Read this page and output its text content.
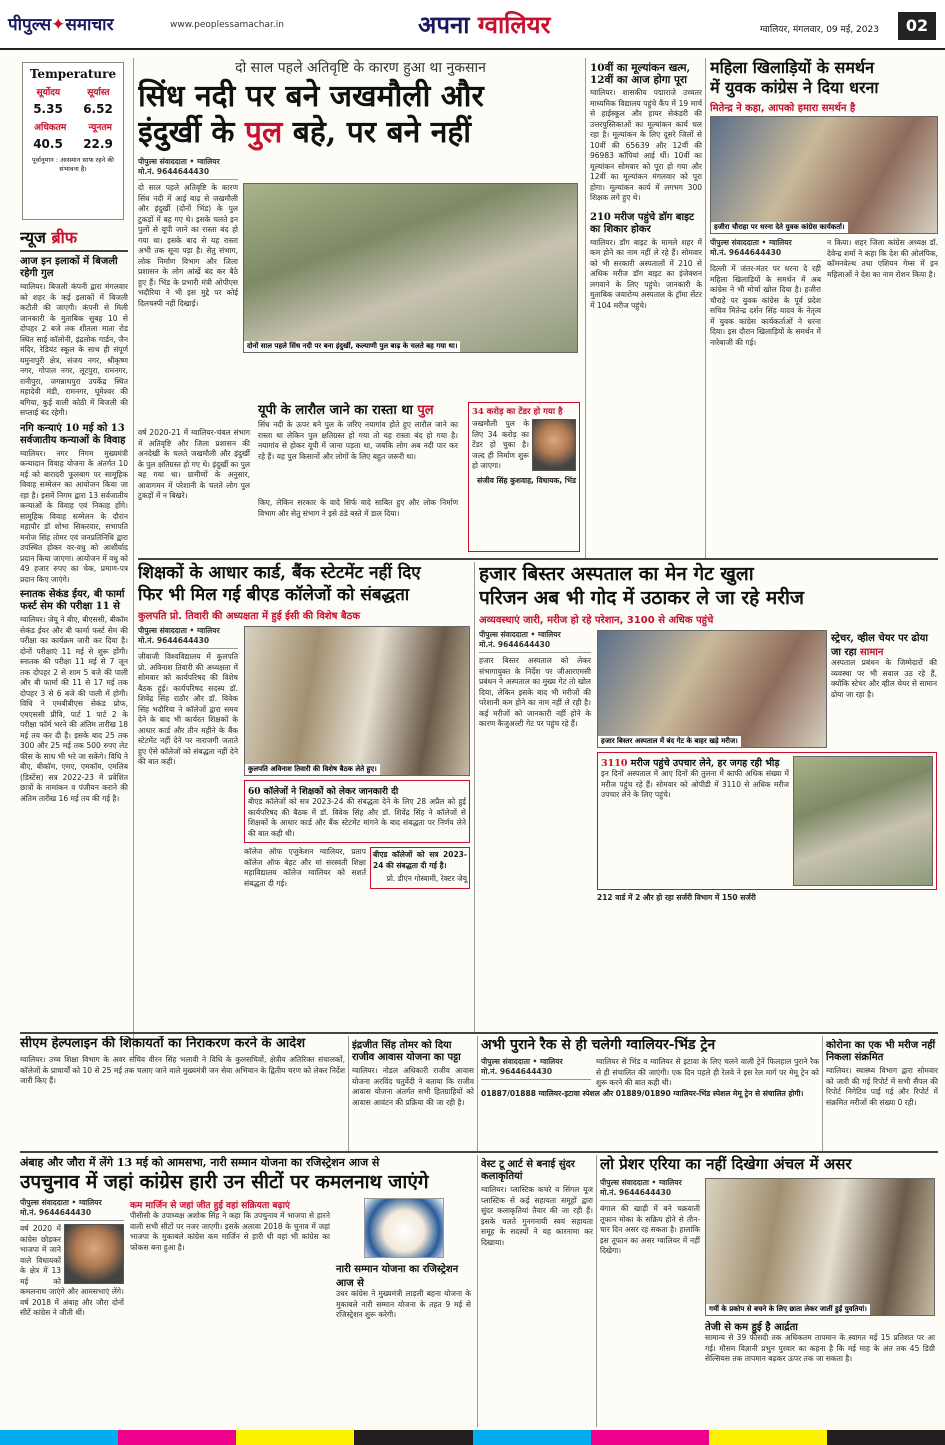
पीपुल्स✦समाचार	www.peoplessamachar.in	अपना ग्वालियर	ग्वालियर, मंगलवार, 09 मई, 2023	02
Temperature
सूर्योदय	सूर्यास्त
5.35 6.52
अधिकतम न्यूनतम
40.5 22.9
पूर्वानुमान : आसमान साफ रहने की संभावना है।
न्यूज ब्रीफ
आज इन इलाकों में बिजली रहेगी गुल
ग्वालियर। बिजली कंपनी द्वारा मंगलवार को शहर के कई इलाकों में बिजली कटौती की जाएगी। कंपनी से मिली जानकारी के मुताबिक सुबह 10 से दोपहर 2 बजे तक शीतला माता रोड स्थित साई कॉलोनी, इंद्रलोक गार्डन, जैन मंदिर, रेडियंट स्कूल के साथ ही संपूर्ण यमुनापुरी क्षेत्र, संजय नगर, श्रीकृष्ण नगर, गोपाल नगर, लूटपुरा, रामनगर, रानीपुरा, जगन्नाथपुरा उपकेंद्र स्थित महादेवी मंडी, रामनगर, घूमेश्वर की बगिया, कुई वाली कोठी में बिजली की सप्लाई बंद रहेगी।
नगि कन्याएं 10 मई को 13 सर्वजातीय कन्याओं के विवाह
ग्वालियर। नगर निगम मुख्यमंत्री कन्यादान विवाह योजना के अंतर्गत 10 मई को बारादरी फूलबाग पर सामूहिक विवाह सम्मेलन का आयोजन किया जा रहा है। इसमें निगम द्वारा 13 सर्वजातीय कन्याओं के विवाह एवं निकाह होंगे। सामूहिक विवाह सम्मेलन के दौरान महापौर डॉ शोभा सिकरवार, सभापति मनोज सिंह तोमर एवं जनप्रतिनिधि द्वारा उपस्थित होकर वर-वधु को आशीर्वाद प्रदान किया जाएगा। आयोजन में वधु को 49 हजार रुपए का चेक, प्रमाण-पत्र प्रदान किए जाएंगे।
स्नातक सेकंड ईयर, बी फार्मा फर्स्ट सेम की परीक्षा 11 से
ग्वालियर। जेयू ने बीए, बीएससी, बीकॉम सेकंड ईयर और बी फार्मा फर्स्ट सेम की परीक्षा का कार्यक्रम जारी कर दिया है। दोनों परीक्षाएं 11 मई से शुरू होंगी। स्नातक की परीक्षा 11 मई से 7 जून तक दोपहर 2 से शाम 5 बजे की पाली और बी फार्मा की 11 से 17 मई तक दोपहर 3 से 6 बजे की पाली में होगी। विधि ने एमबीबीएस सेकंड प्रोफ, एमएससी प्रीवि, पार्ट 1 पार्ट 2 के परीक्षा फॉर्म भरने की अंतिम तारीख 18 मई तय कर दी है। इसके बाद 25 तक 300 और 25 मई तक 500 रुपए लेट फीस के साथ भी भरे जा सकेंगे। विधि ने बीए, बीकॉम, एमए, एमकॉम, एमलिब (डिस्टेंस) सत्र 2022-23 में प्रवेशित छात्रों के नामांकन व पंजीयन कराने की अंतिम तारीख 16 मई तय की गई है।
दो साल पहले अतिवृष्टि के कारण हुआ था नुकसान
सिंध नदी पर बने जखमौली और
इंदुर्खी के पुल बहे, पर बने नहीं
पीपुल्स संवाददाता • ग्वालियर
मो.नं. 9644644430
दो साल पहले अतिवृष्टि के कारण सिंध नदी में आई बाढ़ से जखमौली और इंदुर्खी (दोनों भिंड) के पुल टुकड़ों में बह गए थे। इसके चलते इन पुलों से यूपी जाने का रास्ता बंद हो गया था। इसके बाद से यह रास्ता अभी तक सूना पड़ा है। सेतु संभाग, लोक निर्माण विभाग और जिला प्रशासन के लोग आंखें बंद कर बैठे हुए हैं। भिंड के प्रभारी मंत्री ओपीएस भदौरिया ने भी इस मुद्दे पर कोई दिलचस्पी नहीं दिखाई।
दोनों साल पहले सिंध नदी पर बना इंदुर्खी, कल्याणी पुल बाढ़ के चलते बह गया था।
यूपी के लारौल जाने का रास्ता था पुल
सिंध नदी के ऊपर बने पुल के जरिए नयागांव होते हुए लारौल जाने का रास्ता था लेकिन पुल क्षतिग्रस्त हो गया तो यह रास्ता बंद हो गया है। नयागांव से होकर यूपी में जाना पड़ता था, जबकि लोग अब नदी पार कर रहे हैं। यह पुल किसानों और लोगों के लिए बहुत जरूरी था।
वर्ष 2020-21 में ग्वालियर-चंबल संभाग में अतिवृष्टि और जिला प्रशासन की अनदेखी के चलते जखमौली और इंदुर्खी के पुल क्षतिग्रस्त हो गए थे। इंदुर्खी का पुल बह गया था। ग्रामीणों के अनुसार, आवागमन में परेशानी के चलते लोग पुल टुकड़ों में न बिखरे।
किए, लेकिन सरकार के वादे सिर्फ वादे साबित हुए और लोक निर्माण विभाग और सेतु संभाग ने इसे ठंडे बस्ते में डाल दिया।
34 करोड़ का टेंडर हो गया है
जखमौली पुल के लिए 34 करोड़ का टेंडर हो चुका है। जल्द ही निर्माण शुरू हो जाएगा।
संजीव सिंह कुशवाह, विधायक, भिंड
10वीं का मूल्यांकन खत्म, 12वीं का आज होगा पूरा
ग्वालियर। शासकीय पद्माराजे उच्चतर माध्यमिक विद्यालय पहुंचे कैंप में 19 मार्च से हाईस्कूल और हायर सेकंडरी की उत्तरपुस्तिकाओं का मूल्यांकन कार्य चल रहा है। मूल्यांकन के लिए दूसरे जिलों से 10वीं की 65639 और 12वीं की 96983 कॉपियां आई थीं। 10वीं का मूल्यांकन सोमवार को पूरा हो गया और 12वीं का मूल्यांकन मंगलवार को पूरा होगा। मूल्यांकन कार्य में लगभग 300 शिक्षक लगे हुए थे।
210 मरीज पहुंचे डॉग बाइट का शिकार होकर
ग्वालियर। डॉग बाइट के मामले शहर में कम होने का नाम नहीं ले रहे हैं। सोमवार को भी सरकारी अस्पतालों में 210 से अधिक मरीज डॉग बाइट का इंजेक्शन लगवाने के लिए पहुंचे। जानकारी के मुताबिक जयारोग्य अस्पताल के ट्रॉमा सेंटर में 104 मरीज पहुंचे।
महिला खिलाड़ियों के समर्थन
में युवक कांग्रेस ने दिया धरना
मितेन्द्र ने कहा, आपको हमारा समर्थन है
हजीरा चौराहा पर धरना देते युवक कांग्रेस कार्यकर्ता।
पीपुल्स संवाददाता • ग्वालियर
मो.नं. 9644644430
दिल्ली में जंतर-मंतर पर धरना दे रही महिला खिलाड़ियों के समर्थन में अब कांग्रेस ने भी मोर्चा खोल दिया है। हजीरा चौराहे पर युवक कांग्रेस के पूर्व प्रदेश सचिव मितेन्द्र दर्शन सिंह यादव के नेतृत्व में युवक कांग्रेस कार्यकर्ताओं ने धरना दिया। इस दौरान खिलाड़ियों के समर्थन में नारेबाजी की गई।
न किया। शहर जिला कांग्रेस अध्यक्ष डॉ. देवेन्द्र शर्मा ने कहा कि देश की ओलंपिक, कॉमनवेल्थ तथा एशियन गेम्स में इन महिलाओं ने देश का नाम रोशन किया है।
शिक्षकों के आधार कार्ड, बैंक स्टेटमेंट नहीं दिए
फिर भी मिल गई बीएड कॉलेजों को संबद्धता
कुलपति प्रो. तिवारी की अध्यक्षता में हुई ईसी की विशेष बैठक
पीपुल्स संवाददाता • ग्वालियर
मो.नं. 9644644430
जीवाजी विश्वविद्यालय में कुलपति प्रो. अविनाश तिवारी की अध्यक्षता में सोमवार को कार्यपरिषद की विशेष बैठक हुई। कार्यपरिषद सदस्य डॉ. शिवेंद्र सिंह राठौर और डॉ. विवेक सिंह भदौरिया ने कॉलेजों द्वारा समय देने के बाद भी कार्यरत शिक्षकों के आधार कार्ड और तीन महीने के बैंक स्टेटमेंट नहीं देने पर नाराजगी जताते हुए ऐसे कॉलेजों को संबद्धता नहीं देने की बात कही।
कुलपति अविनाश तिवारी की विशेष बैठक लेते हुए।
60 कॉलेजों ने शिक्षकों को लेकर जानकारी दी
बीएड कॉलेजों को सत्र 2023-24 की संबद्धता देने के लिए 28 अप्रैल को हुई कार्यपरिषद की बैठक में डॉ. विवेक सिंह और डॉ. शिवेंद्र सिंह ने कॉलेजों से शिक्षकों के आधार कार्ड और बैंक स्टेटमेंट मांगने के बाद संबद्धता पर निर्णय लेने की बात कही थी।
कॉलेज ऑफ एजुकेशन ग्वालियर, प्रताप कॉलेज ऑफ बेहट और मां सरस्वती शिक्षा महाविद्यालय कॉलेज ग्वालियर को सशर्त संबद्धता दी गई।
बीएड कॉलेजों को सत्र 2023-24 की संबद्धता दी गई है।
प्रो. डीएन गोस्वामी, रेक्टर जेयू
हजार बिस्तर अस्पताल का मेन गेट खुला
परिजन अब भी गोद में उठाकर ले जा रहे मरीज
अव्यवस्थाएं जारी, मरीज हो रहे परेशान, 3100 से अधिक पहुंचे
पीपुल्स संवाददाता • ग्वालियर
मो.नं. 9644644430
हजार बिस्तर अस्पताल को लेकर संभागायुक्त के निर्देश पर जीआरएमसी प्रबंधन ने अस्पताल का मुख्य गेट तो खोल दिया, लेकिन इसके बाद भी मरीजों की परेशानी कम होने का नाम नहीं ले रही है। कई मरीजों को जानकारी नहीं होने के कारण कैजुअल्टी गेट पर पहुंच रहे हैं।
हजार बिस्तर अस्पताल में बंद गेट के बाहर खड़े मरीज।
स्ट्रेचर, व्हील चेयर पर ढोया जा रहा सामान
अस्पताल प्रबंधन के जिम्मेदारों की व्यवस्था पर भी सवाल उठ रहे हैं, क्योंकि स्टेचर और व्हील चेयर से सामान ढोया जा रहा है।
3110 मरीज पहुंचे उपचार लेने, हर जगह रही भीड़
इन दिनों अस्पताल में आए दिनों की तुलना में काफी अधिक संख्या में मरीज पहुंच रहे हैं। सोमवार को ओपीडी में 3110 से अधिक मरीज उपचार लेने के लिए पहुंचे।
212 वार्ड में 2 और हो रहा सर्जरी विभाग में 150 सर्जरी
सीएम हेल्पलाइन की शिकायतों का निराकरण करने के आदेश
ग्वालियर। उच्च शिक्षा विभाग के अवर सचिव वीरन सिंह भलावी ने विधि के कुलसचिवों, क्षेत्रीय अतिरिक्त संचालकों, कॉलेजों के प्राचार्यों को 10 से 25 मई तक चलाए जाने वाले मुख्यमंत्री जन सेवा अभियान के द्वितीय चरण को लेकर निर्देश जारी किए हैं।
इंद्रजीत सिंह तोमर को दिया राजीव आवास योजना का पट्टा
ग्वालियर। नोडल अधिकारी राजीव आवास योजना अरविंद चतुर्वेदी ने बताया कि राजीव आवास योजना अंतर्गत सभी हितग्राहियों को आवास आवंटन की प्रक्रिया की जा रही है।
अभी पुराने रैक से ही चलेगी ग्वालियर-भिंड ट्रेन
पीपुल्स संवाददाता • ग्वालियर
मो.नं. 9644644430
ग्वालियर से भिंड व ग्वालियर से इटावा के लिए चलने वाली ट्रेनें फिलहाल पुराने रैक से ही संचालित की जाएंगी। एक दिन पहले ही रेलवे ने इस रेल मार्ग पर मेमू ट्रेन को शुरू करने की बात कही थी।
01887/01888 ग्वालियर-इटावा स्पेशल और 01889/01890 ग्वालियर-भिंड स्पेशल मेमू ट्रेन से संचालित होगी।
कोरोना का एक भी मरीज नहीं निकला संक्रमित
ग्वालियर। स्वास्थ्य विभाग द्वारा सोमवार को जारी की गई रिपोर्ट में सभी सैंपल की रिपोर्ट निगेटिव पाई गई और रिपोर्ट में संक्रमित मरीजों की संख्या 0 रही।
अंबाह और जौरा में लेंगे 13 मई को आमसभा, नारी सम्मान योजना का रजिस्ट्रेशन आज से
उपचुनाव में जहां कांग्रेस हारी उन सीटों पर कमलनाथ जाएंगे
पीपुल्स संवाददाता • ग्वालियर
मो.नं. 9644644430
वर्ष 2020 में कांग्रेस छोड़कर भाजपा में जाने वाले विधायकों के क्षेत्र में 13 मई को कमलनाथ जाएंगे और आमसभाएं लेंगे। वर्ष 2018 में अंबाह और जौरा दोनों सीटें कांग्रेस ने जीती थीं।
कम मार्जिन से जहां जीत हुई वहां सक्रियता बढ़ाएं
पीसीसी के उपाध्यक्ष अशोक सिंह ने कहा कि उपचुनाव में भाजपा से हारने वाली सभी सीटों पर नजर जाएगी। इसके अलावा 2018 के चुनाव में जहां भाजपा के मुकाबले कांग्रेस कम मार्जिन से हारी थी वहां भी कांग्रेस का फोकस बना हुआ है।
नारी सम्मान योजना का रजिस्ट्रेशन आज से
उधर कांग्रेस ने मुख्यमंत्री लाड़ली बहना योजना के मुकाबले नारी सम्मान योजना के तहत 9 मई से रजिस्ट्रेशन शुरू करेगी।
वेस्ट टू आर्ट से बनाई सुंदर कलाकृतियां
ग्वालियर। प्लास्टिक कचरे व सिंगल यूज प्लास्टिक से कई सहायता समूहों द्वारा सुंदर कलाकृतियां तैयार की जा रही हैं। इसके चलते गुनगनायी स्वयं सहायता समूह के सदस्यों ने यह कारनामा कर दिखाया।
लो प्रेशर एरिया का नहीं दिखेगा अंचल में असर
पीपुल्स संवाददाता • ग्वालियर
मो.नं. 9644644430
बंगाल की खाड़ी में बने चक्रवाती तूफान मोका के सक्रिय होने से तीन-चार दिन असर रह सकता है। हालांकि इस तूफान का असर ग्वालियर में नहीं दिखेगा।
गर्मी के प्रकोप से बचने के लिए छाता लेकर जातीं हुईं युवतियां।
तेजी से कम हुई है आर्द्रता
सामान्य से 39 फीसदी तक अधिकतम तापमान के स्वागत मई 15 प्रतिशत पर आ गई। मौसम विज्ञानी प्रभुन पुरवार का कहना है कि मई माह के अंत तक 45 डिग्री सेल्सियस तक तापमान बढ़कर ऊपर तक जा सकता है।
